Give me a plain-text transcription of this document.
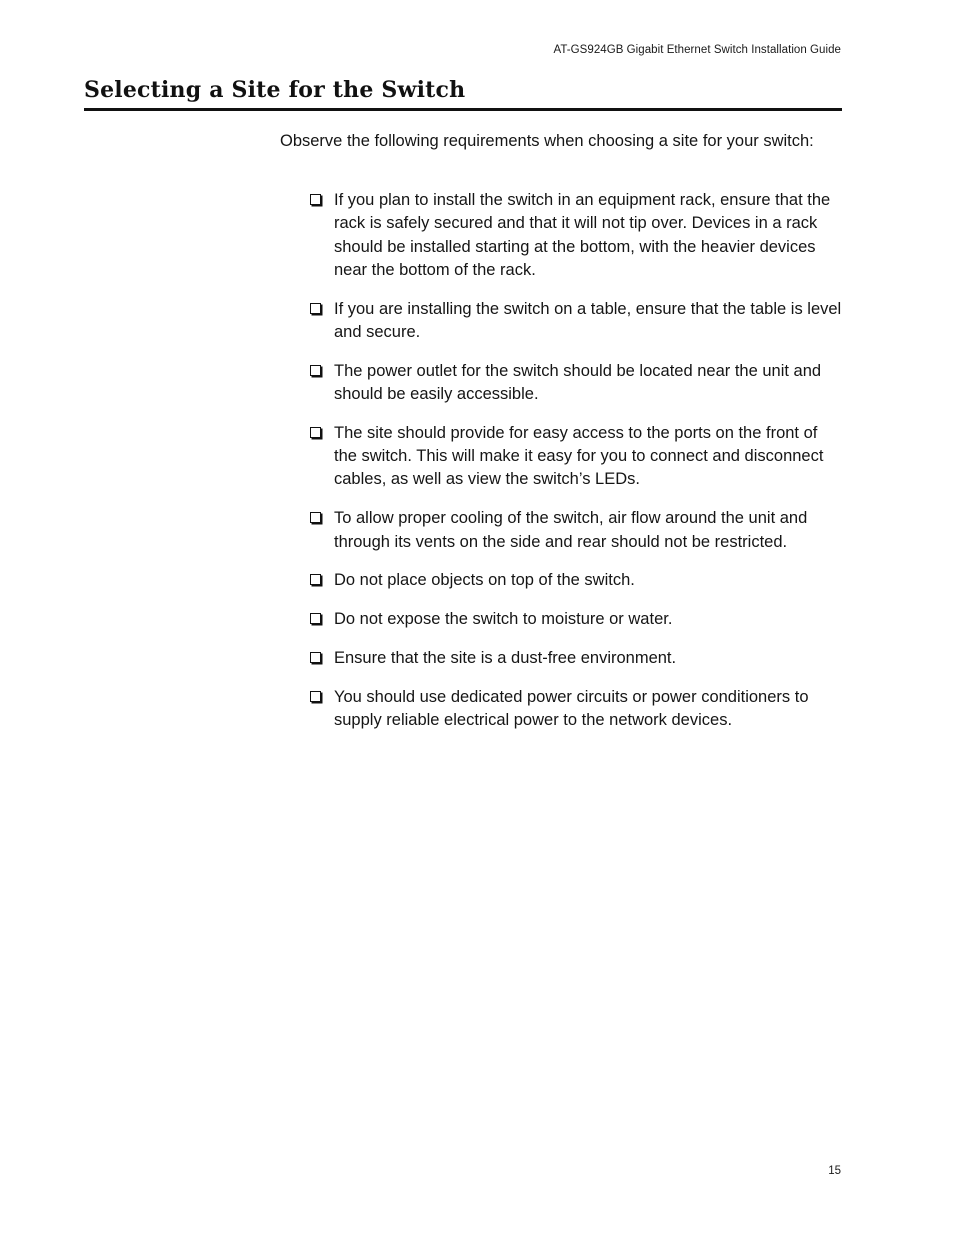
AT-GS924GB Gigabit Ethernet Switch Installation Guide
Selecting a Site for the Switch

Observe the following requirements when choosing a site for your switch:

If you plan to install the switch in an equipment rack, ensure that the rack is safely secured and that it will not tip over. Devices in a rack should be installed starting at the bottom, with the heavier devices near the bottom of the rack.
If you are installing the switch on a table, ensure that the table is level and secure.
The power outlet for the switch should be located near the unit and should be easily accessible.
The site should provide for easy access to the ports on the front of the switch. This will make it easy for you to connect and disconnect cables, as well as view the switch’s LEDs.
To allow proper cooling of the switch, air flow around the unit and through its vents on the side and rear should not be restricted.
Do not place objects on top of the switch.
Do not expose the switch to moisture or water.
Ensure that the site is a dust-free environment.
You should use dedicated power circuits or power conditioners to supply reliable electrical power to the network devices.
15
